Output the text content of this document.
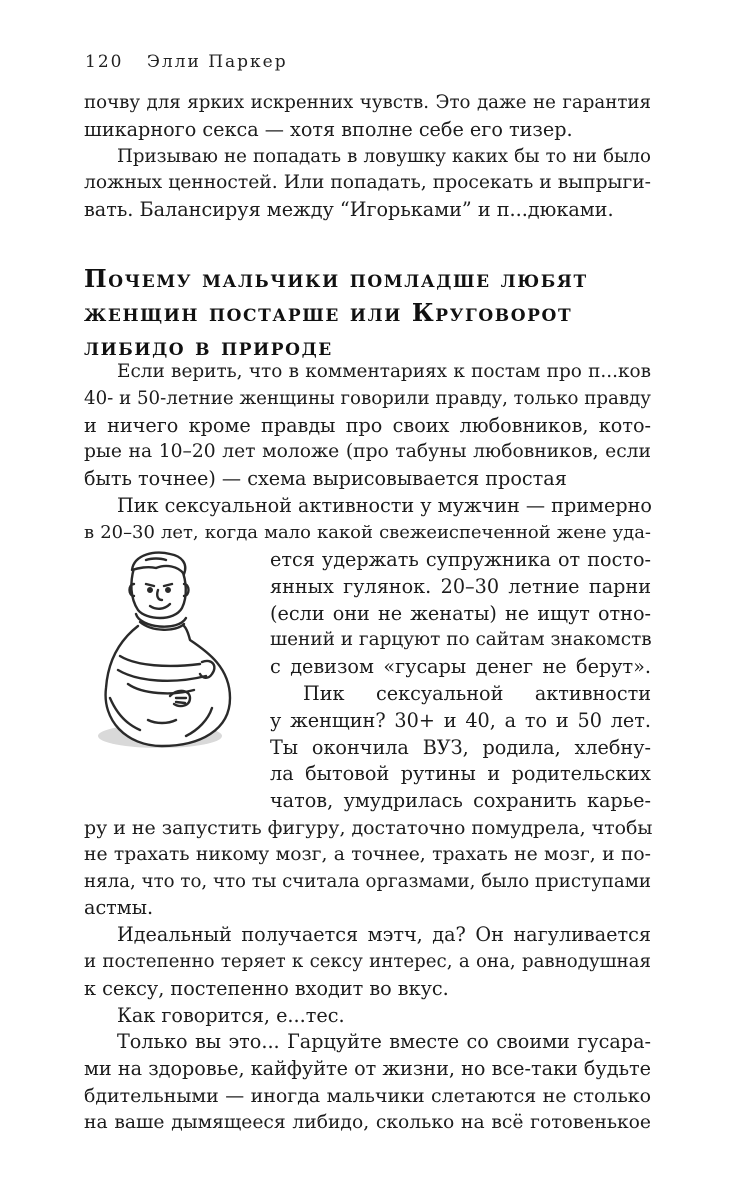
120 Элли Паркер
почву для ярких искренних чувств. Это даже не гарантия
шикарного секса — хотя вполне себе его тизер.
Призываю не попадать в ловушку каких бы то ни было
ложных ценностей. Или попадать, просекать и выпрыги-
вать. Балансируя между “Игорьками” и п...дюками.
Почему мальчики помладше любят
женщин постарше или Круговорот
либидо в природе
Если верить, что в комментариях к постам про п...ков
40- и 50-летние женщины говорили правду, только правду
и ничего кроме правды про своих любовников, кото-
рые на 10–20 лет моложе (про табуны любовников, если
быть точнее) — схема вырисовывается простая
Пик сексуальной активности у мужчин — примерно
в 20–30 лет, когда мало какой свежеиспеченной жене уда-
ется удержать супружника от посто-
янных гулянок. 20–30 летние парни
(если они не женаты) не ищут отно-
шений и гарцуют по сайтам знакомств
с девизом «гусары денег не берут».
Пик сексуальной активности
у женщин? 30+ и 40, а то и 50 лет.
Ты окончила ВУЗ, родила, хлебну-
ла бытовой рутины и родительских
чатов, умудрилась сохранить карье-
ру и не запустить фигуру, достаточно помудрела, чтобы
не трахать никому мозг, а точнее, трахать не мозг, и по-
няла, что то, что ты считала оргазмами, было приступами
астмы.
Идеальный получается мэтч, да? Он нагуливается
и постепенно теряет к сексу интерес, а она, равнодушная
к сексу, постепенно входит во вкус.
Как говорится, е...тес.
Только вы это... Гарцуйте вместе со своими гусара-
ми на здоровье, кайфуйте от жизни, но все-таки будьте
бдительными — иногда мальчики слетаются не столько
на ваше дымящееся либидо, сколько на всё готовенькое
